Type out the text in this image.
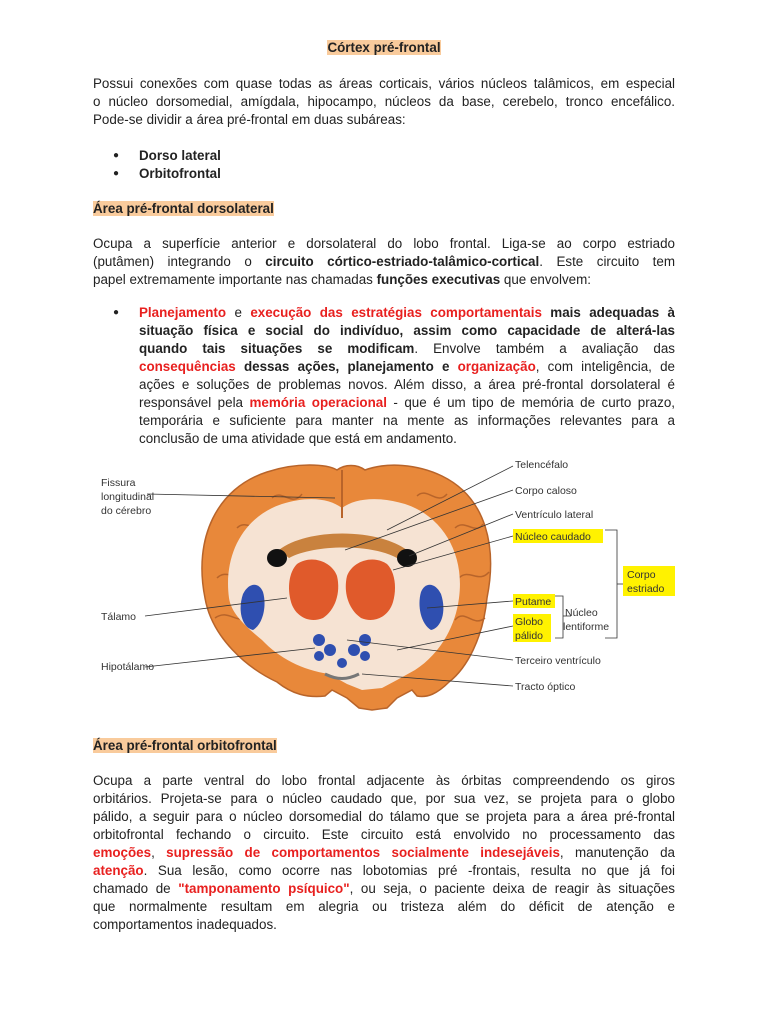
Córtex pré-frontal
Possui conexões com quase todas as áreas corticais, vários núcleos talâmicos, em especial
o núcleo dorsomedial, amígdala, hipocampo, núcleos da base, cerebelo, tronco encefálico.
Pode-se dividir a área pré-frontal em duas subáreas:
● Dorso lateral
● Orbitofrontal
Área pré-frontal dorsolateral
Ocupa a superfície anterior e dorsolateral do lobo frontal. Liga-se ao corpo estriado
(putâmen) integrando o circuito córtico-estriado-talâmico-cortical. Este circuito tem
papel extremamente importante nas chamadas funções executivas que envolvem:
● Planejamento e execução das estratégias comportamentais mais adequadas à
situação física e social do indivíduo, assim como capacidade de alterá-las
quando tais situações se modificam. Envolve também a avaliação das
consequências dessas ações, planejamento e organização, com inteligência, de
ações e soluções de problemas novos. Além disso, a área pré-frontal dorsolateral é
responsável pela memória operacional - que é um tipo de memória de curto prazo,
temporária e suficiente para manter na mente as informações relevantes para a
conclusão de uma atividade que está em andamento.
Fissura
longitudinal
do cérebro
Tálamo
Hipotálamo
Telencéfalo
Corpo caloso
Ventrículo lateral
Núcleo caudado
Putame
Globo
pálido
Núcleo
lentiforme
Corpo
estriado
Terceiro ventrículo
Tracto óptico
Área pré-frontal orbitofrontal
Ocupa a parte ventral do lobo frontal adjacente às órbitas compreendendo os giros
orbitários. Projeta-se para o núcleo caudado que, por sua vez, se projeta para o globo
pálido, a seguir para o núcleo dorsomedial do tálamo que se projeta para a área pré-frontal
orbitofrontal fechando o circuito. Este circuito está envolvido no processamento das
emoções, supressão de comportamentos socialmente indesejáveis, manutenção da
atenção. Sua lesão, como ocorre nas lobotomias pré -frontais, resulta no que já foi
chamado de "tamponamento psíquico", ou seja, o paciente deixa de reagir às situações
que normalmente resultam em alegria ou tristeza além do déficit de atenção e
comportamentos inadequados.
